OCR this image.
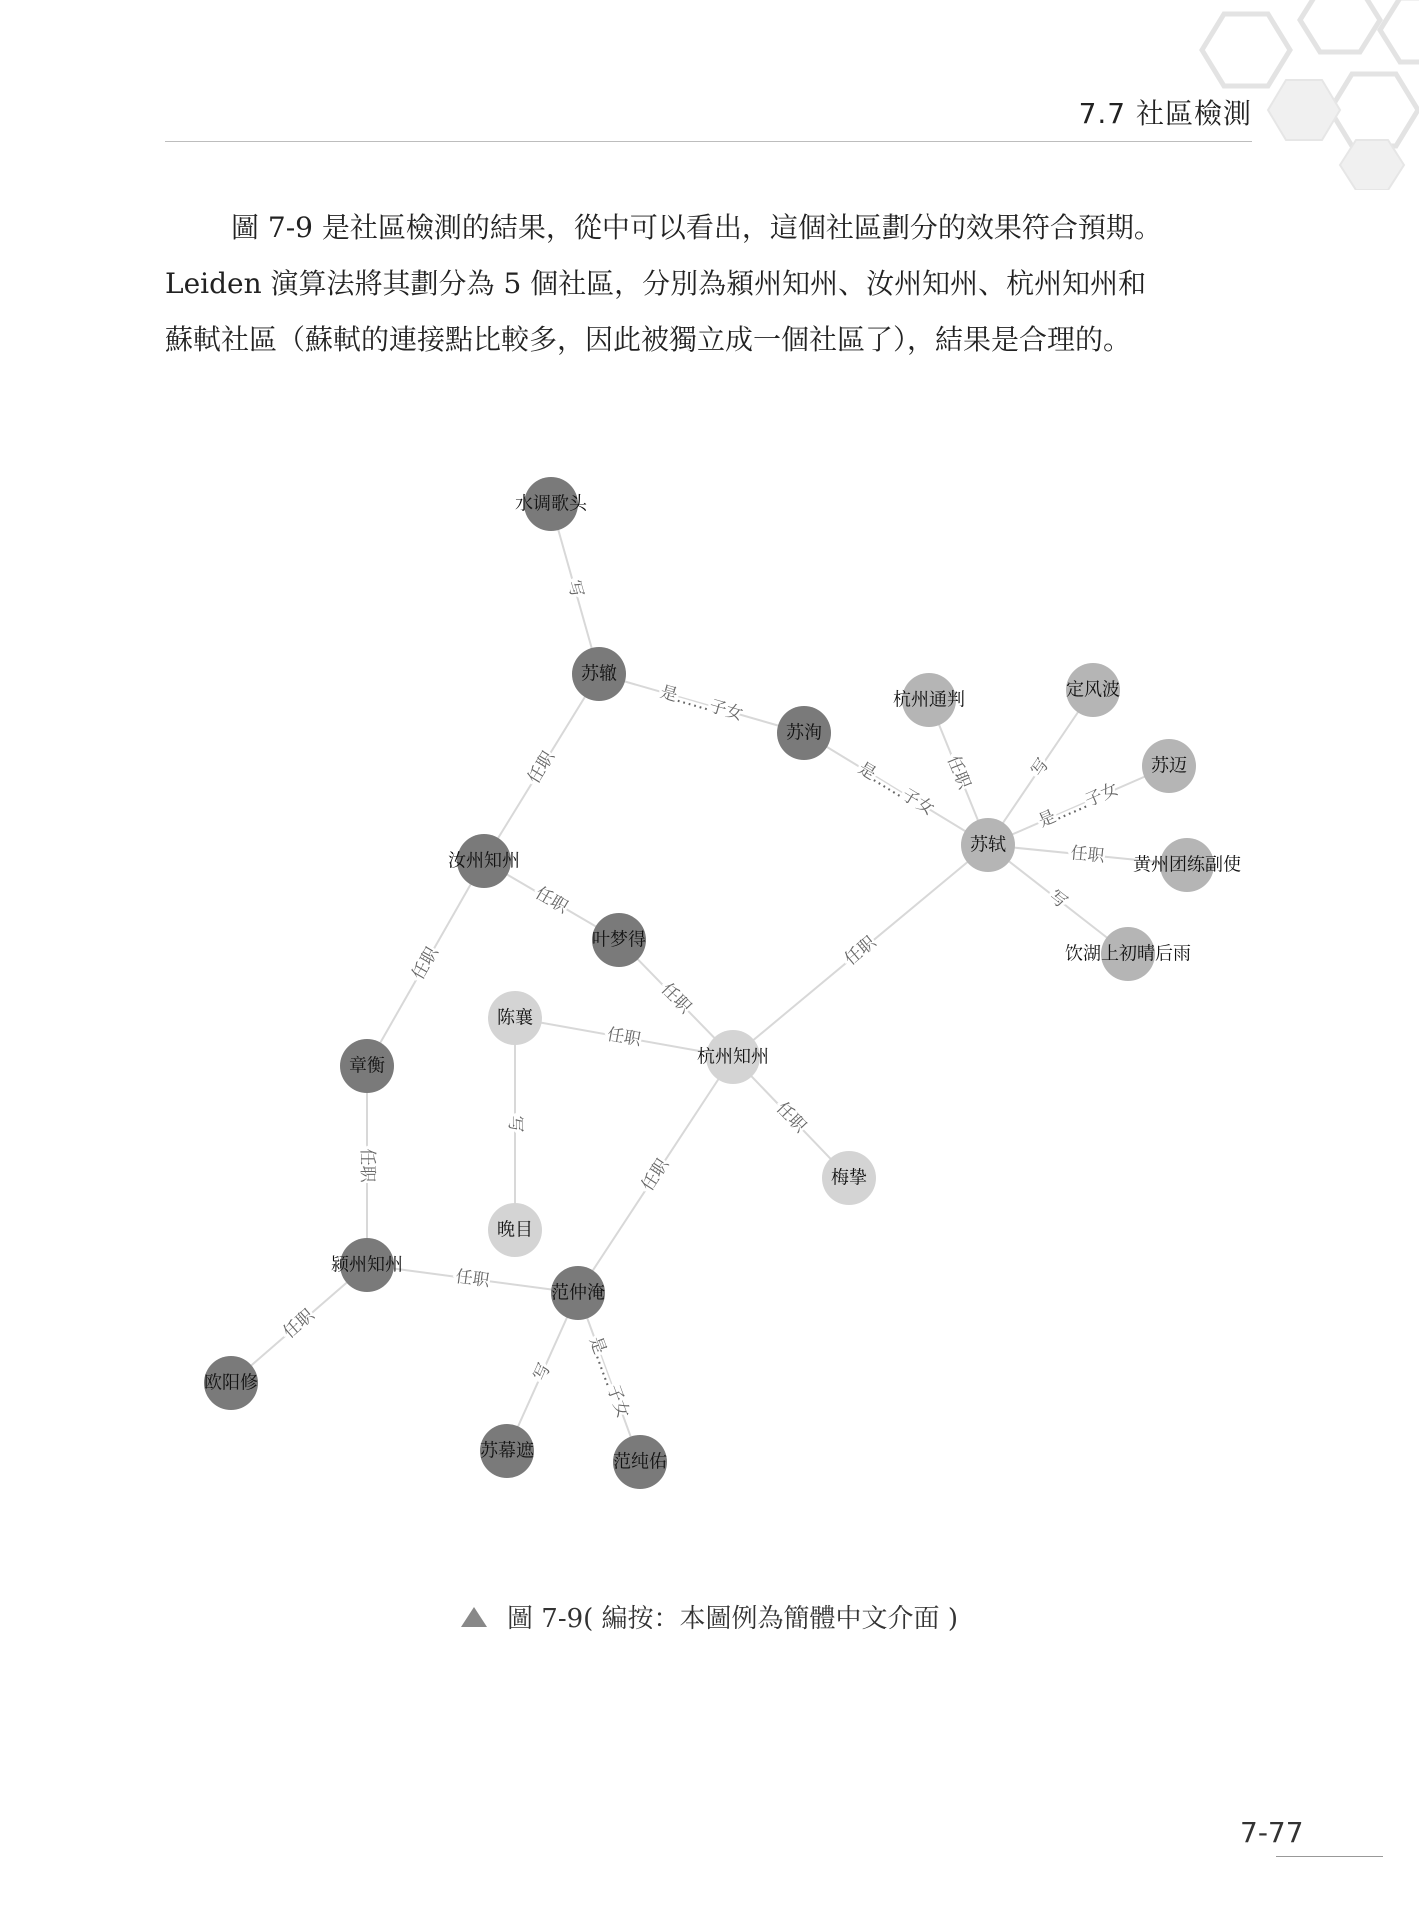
7.7 社區檢測
圖 7-9 是社區檢測的結果，從中可以看出，這個社區劃分的效果符合預期。
Leiden 演算法將其劃分為 5 個社區，分別為潁州知州、汝州知州、杭州知州和
蘇軾社區（蘇軾的連接點比較多，因此被獨立成一個社區了），結果是合理的。
写
是……子女
任职	是……子女
任职
任职
任职
任职
任职
任职
任职
写 是……子女
任职	写
是……子女
任职
写
任职
任职
写	任职
水调歌头
苏辙
苏洵
汝州知州
叶梦得
章衡
颍州知州
欧阳修
范仲淹
苏幕遮
范纯佑
苏轼
杭州通判	定风波
苏迈
黄州团练副使
饮湖上初晴后雨
陈襄
杭州知州
晚目
梅挚
圖 7-9( 編按：本圖例為簡體中文介面 )
7-77
